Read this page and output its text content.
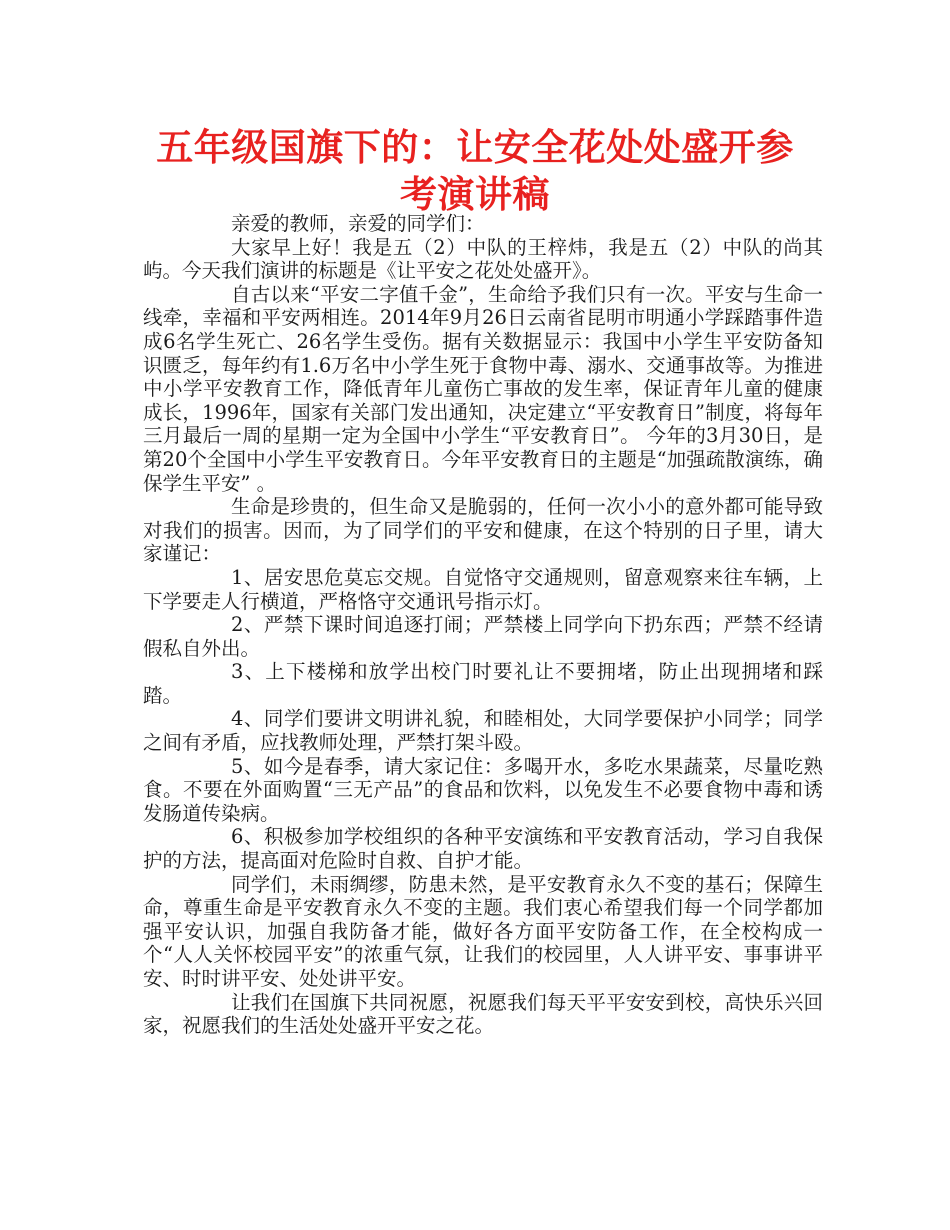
五年级国旗下的：让安全花处处盛开参考演讲稿

亲爱的教师，亲爱的同学们：

大家早上好！我是五（2）中队的王梓炜，我是五（2）中队的尚其屿。今天我们演讲的标题是《让平安之花处处盛开》。

自古以来“平安二字值千金”，生命给予我们只有一次。平安与生命一线牵，幸福和平安两相连。2014年9月26日云南省昆明市明通小学踩踏事件造成6名学生死亡、26名学生受伤。据有关数据显示：我国中小学生平安防备知识匮乏，每年约有1.6万名中小学生死于食物中毒、溺水、交通事故等。为推进中小学平安教育工作，降低青年儿童伤亡事故的发生率，保证青年儿童的健康成长，1996年，国家有关部门发出通知，决定建立“平安教育日”制度，将每年三月最后一周的星期一定为全国中小学生“平安教育日”。 今年的3月30日，是第20个全国中小学生平安教育日。今年平安教育日的主题是“加强疏散演练，确保学生平安” 。

生命是珍贵的，但生命又是脆弱的，任何一次小小的意外都可能导致对我们的损害。因而，为了同学们的平安和健康，在这个特别的日子里，请大家谨记：

1、居安思危莫忘交规。自觉恪守交通规则，留意观察来往车辆，上下学要走人行横道，严格恪守交通讯号指示灯。

2、严禁下课时间追逐打闹；严禁楼上同学向下扔东西；严禁不经请假私自外出。

3、上下楼梯和放学出校门时要礼让不要拥堵，防止出现拥堵和踩踏。

4、同学们要讲文明讲礼貌，和睦相处，大同学要保护小同学；同学之间有矛盾，应找教师处理，严禁打架斗殴。

5、如今是春季，请大家记住：多喝开水，多吃水果蔬菜，尽量吃熟食。不要在外面购置“三无产品”的食品和饮料，以免发生不必要食物中毒和诱发肠道传染病。

6、积极参加学校组织的各种平安演练和平安教育活动，学习自我保护的方法，提高面对危险时自救、自护才能。

同学们，未雨绸缪，防患未然，是平安教育永久不变的基石；保障生命，尊重生命是平安教育永久不变的主题。我们衷心希望我们每一个同学都加强平安认识，加强自我防备才能，做好各方面平安防备工作，在全校构成一个“人人关怀校园平安”的浓重气氛，让我们的校园里，人人讲平安、事事讲平安、时时讲平安、处处讲平安。

让我们在国旗下共同祝愿，祝愿我们每天平平安安到校，高快乐兴回家，祝愿我们的生活处处盛开平安之花。
